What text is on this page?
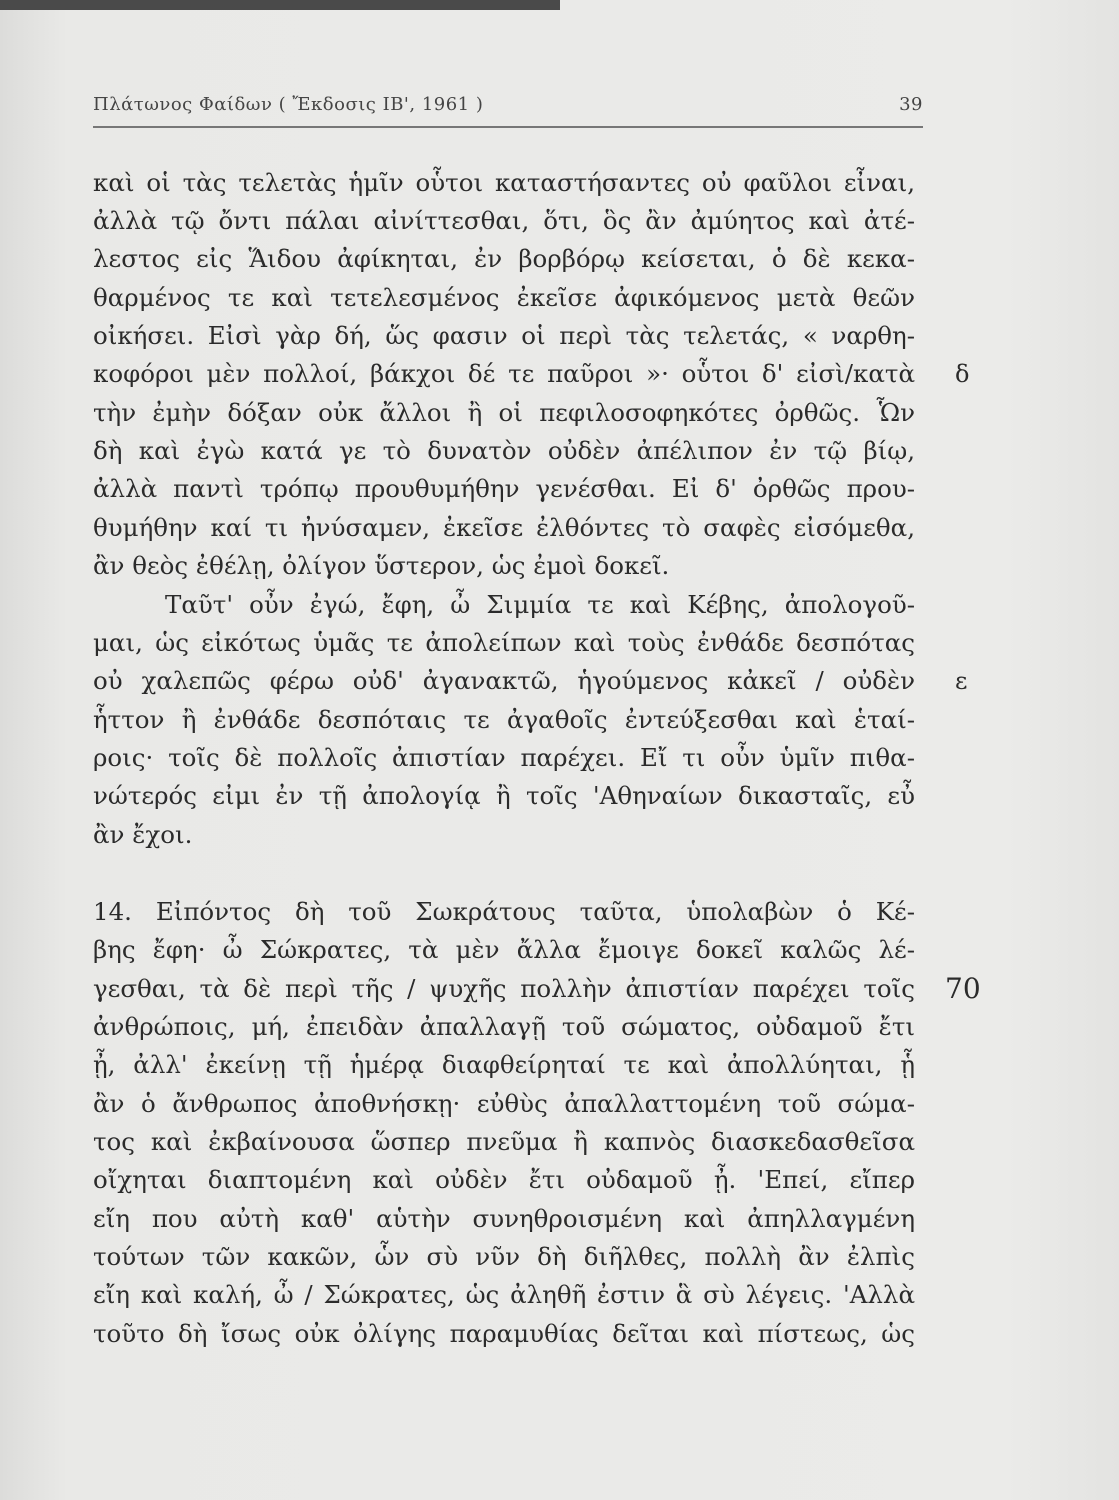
Πλάτωνος Φαίδων ( Ἔκδοσις ΙΒ', 1961 )	39
καὶ οἱ τὰς τελετὰς ἡμῖν οὗτοι καταστήσαντες οὐ φαῦλοι εἶναι,
ἀλλὰ τῷ ὄντι πάλαι αἰνίττεσθαι, ὅτι, ὃς ἂν ἀμύητος καὶ ἀτέ-
λεστος εἰς Ἅιδου ἀφίκηται, ἐν βορβόρῳ κείσεται, ὁ δὲ κεκα-
θαρμένος τε καὶ τετελεσμένος ἐκεῖσε ἀφικόμενος μετὰ θεῶν
οἰκήσει. Εἰσὶ γὰρ δή, ὥς φασιν οἱ περὶ τὰς τελετάς, « ναρθη-
κοφόροι μὲν πολλοί, βάκχοι δέ τε παῦροι »· οὗτοι δ' εἰσὶ/κατὰ
τὴν ἐμὴν δόξαν οὐκ ἄλλοι ἢ οἱ πεφιλοσοφηκότες ὀρθῶς. Ὧν
δὴ καὶ ἐγὼ κατά γε τὸ δυνατὸν οὐδὲν ἀπέλιπον ἐν τῷ βίῳ,
ἀλλὰ παντὶ τρόπῳ προυθυμήθην γενέσθαι. Εἰ δ' ὀρθῶς πρου-
θυμήθην καί τι ἠνύσαμεν, ἐκεῖσε ἐλθόντες τὸ σαφὲς εἰσόμεθα,
ἂν θεὸς ἐθέλῃ, ὀλίγον ὕστερον, ὡς ἐμοὶ δοκεῖ.
Ταῦτ' οὖν ἐγώ, ἔφη, ὦ Σιμμία τε καὶ Κέβης, ἀπολογοῦ-
μαι, ὡς εἰκότως ὑμᾶς τε ἀπολείπων καὶ τοὺς ἐνθάδε δεσπότας
οὐ χαλεπῶς φέρω οὐδ' ἀγανακτῶ, ἡγούμενος κἀκεῖ / οὐδὲν
ἧττον ἢ ἐνθάδε δεσπόταις τε ἀγαθοῖς ἐντεύξεσθαι καὶ ἑταί-
ροις· τοῖς δὲ πολλοῖς ἀπιστίαν παρέχει. Εἴ τι οὖν ὑμῖν πιθα-
νώτερός εἰμι ἐν τῇ ἀπολογίᾳ ἢ τοῖς 'Αθηναίων δικασταῖς, εὖ
ἂν ἔχοι.
14. Εἰπόντος δὴ τοῦ Σωκράτους ταῦτα, ὑπολαβὼν ὁ Κέ-
βης ἔφη· ὦ Σώκρατες, τὰ μὲν ἄλλα ἔμοιγε δοκεῖ καλῶς λέ-
γεσθαι, τὰ δὲ περὶ τῆς / ψυχῆς πολλὴν ἀπιστίαν παρέχει τοῖς
ἀνθρώποις, μή, ἐπειδὰν ἀπαλλαγῇ τοῦ σώματος, οὐδαμοῦ ἔτι
ᾖ, ἀλλ' ἐκείνῃ τῇ ἡμέρᾳ διαφθείρηταί τε καὶ ἀπολλύηται, ᾗ
ἂν ὁ ἄνθρωπος ἀποθνήσκῃ· εὐθὺς ἀπαλλαττομένη τοῦ σώμα-
τος καὶ ἐκβαίνουσα ὥσπερ πνεῦμα ἢ καπνὸς διασκεδασθεῖσα
οἴχηται διαπτομένη καὶ οὐδὲν ἔτι οὐδαμοῦ ᾖ. 'Επεί, εἴπερ
εἴη που αὐτὴ καθ' αὑτὴν συνηθροισμένη καὶ ἀπηλλαγμένη
τούτων τῶν κακῶν, ὧν σὺ νῦν δὴ διῆλθες, πολλὴ ἂν ἐλπὶς
εἴη καὶ καλή, ὦ / Σώκρατες, ὡς ἀληθῆ ἐστιν ἃ σὺ λέγεις. 'Αλλὰ
τοῦτο δὴ ἴσως οὐκ ὀλίγης παραμυθίας δεῖται καὶ πίστεως, ὡς
δ
ε
70
